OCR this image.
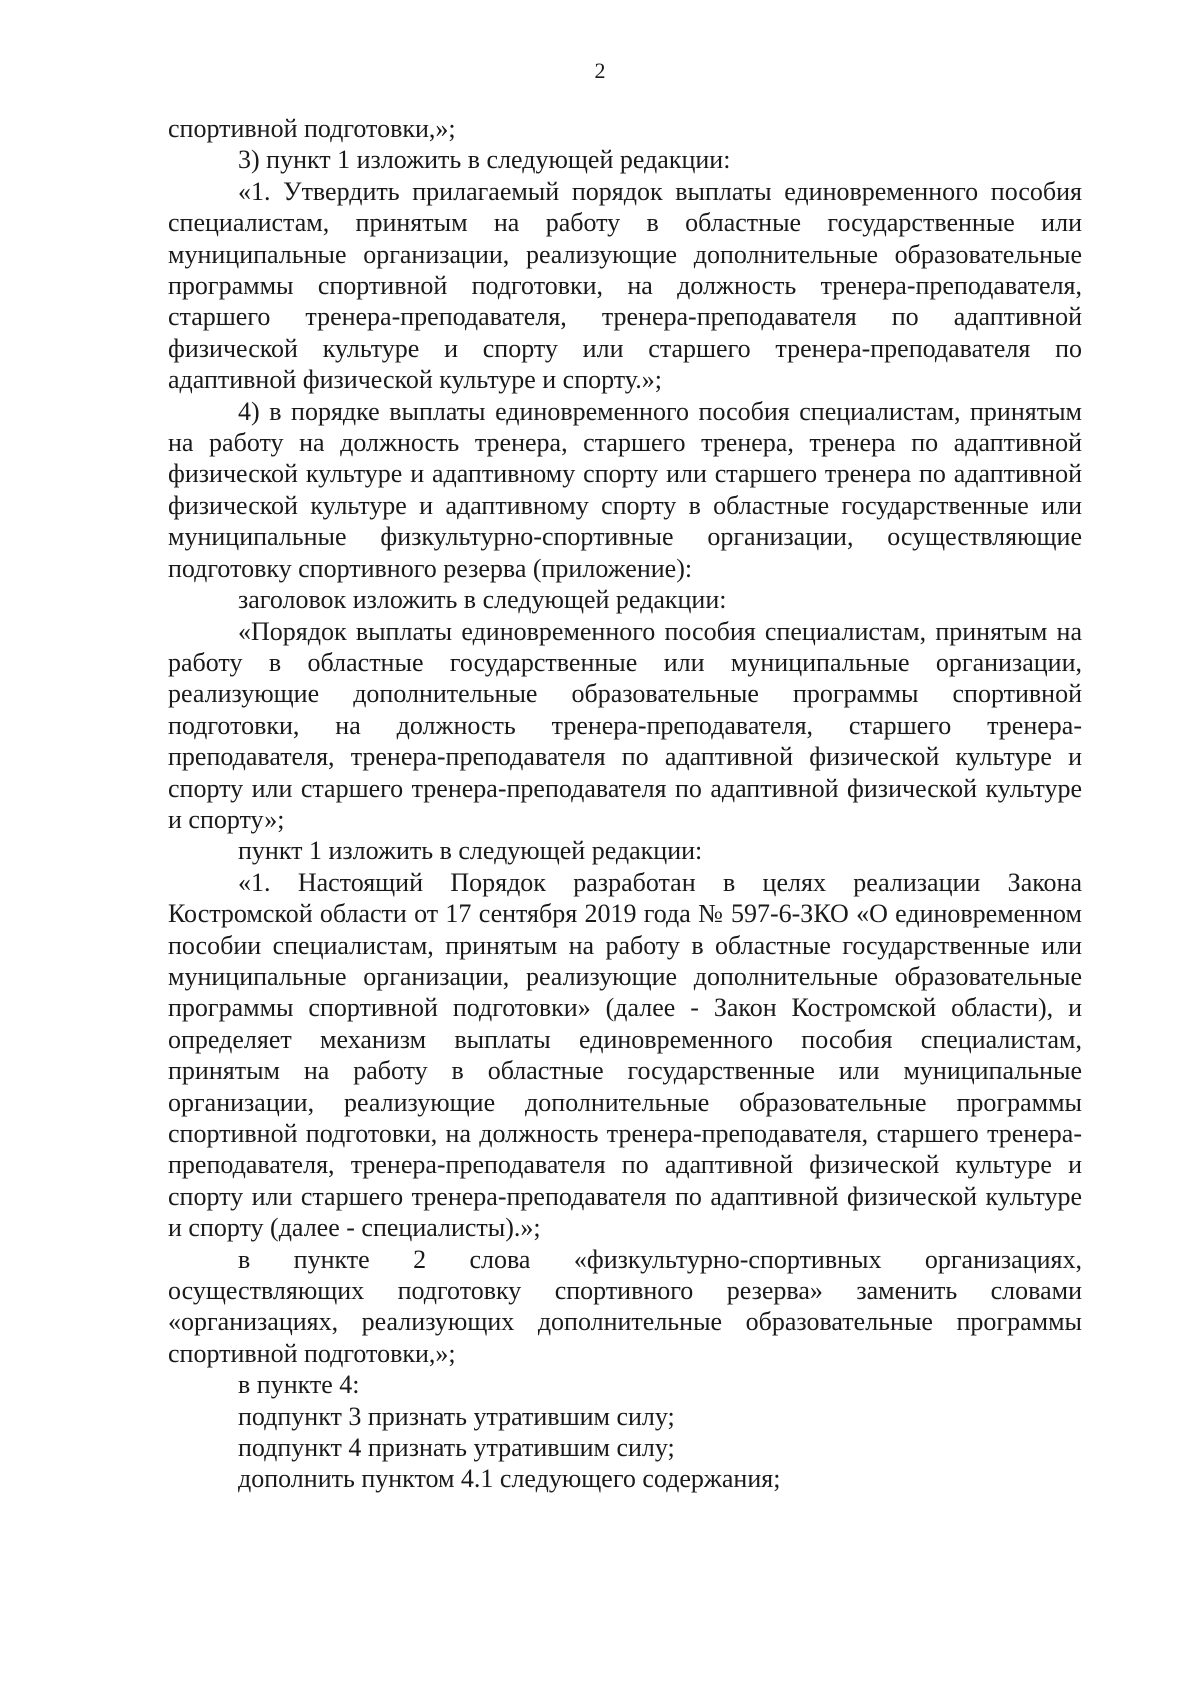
2

спортивной подготовки,»;

3) пункт 1 изложить в следующей редакции:

«1. Утвердить прилагаемый порядок выплаты единовременного пособия специалистам, принятым на работу в областные государственные или муниципальные организации, реализующие дополнительные образовательные программы спортивной подготовки, на должность тренера-преподавателя, старшего тренера-преподавателя, тренера-преподавателя по адаптивной физической культуре и спорту или старшего тренера-преподавателя по адаптивной физической культуре и спорту.»;

4) в порядке выплаты единовременного пособия специалистам, принятым на работу на должность тренера, старшего тренера, тренера по адаптивной физической культуре и адаптивному спорту или старшего тренера по адаптивной физической культуре и адаптивному спорту в областные государственные или муниципальные физкультурно-спортивные организации, осуществляющие подготовку спортивного резерва (приложение):

заголовок изложить в следующей редакции:

«Порядок выплаты единовременного пособия специалистам, принятым на работу в областные государственные или муниципальные организации, реализующие дополнительные образовательные программы спортивной подготовки, на должность тренера-преподавателя, старшего тренера-преподавателя, тренера-преподавателя по адаптивной физической культуре и спорту или старшего тренера-преподавателя по адаптивной физической культуре и спорту»;

пункт 1 изложить в следующей редакции:

«1. Настоящий Порядок разработан в целях реализации Закона Костромской области от 17 сентября 2019 года № 597-6-ЗКО «О единовременном пособии специалистам, принятым на работу в областные государственные или муниципальные организации, реализующие дополнительные образовательные программы спортивной подготовки» (далее - Закон Костромской области), и определяет механизм выплаты единовременного пособия специалистам, принятым на работу в областные государственные или муниципальные организации, реализующие дополнительные образовательные программы спортивной подготовки, на должность тренера-преподавателя, старшего тренера-преподавателя, тренера-преподавателя по адаптивной физической культуре и спорту или старшего тренера-преподавателя по адаптивной физической культуре и спорту (далее - специалисты).»;

в пункте 2 слова «физкультурно-спортивных организациях, осуществляющих подготовку спортивного резерва» заменить словами «организациях, реализующих дополнительные образовательные программы спортивной подготовки,»;

в пункте 4:

подпункт 3 признать утратившим силу;

подпункт 4 признать утратившим силу;

дополнить пунктом 4.1 следующего содержания;
